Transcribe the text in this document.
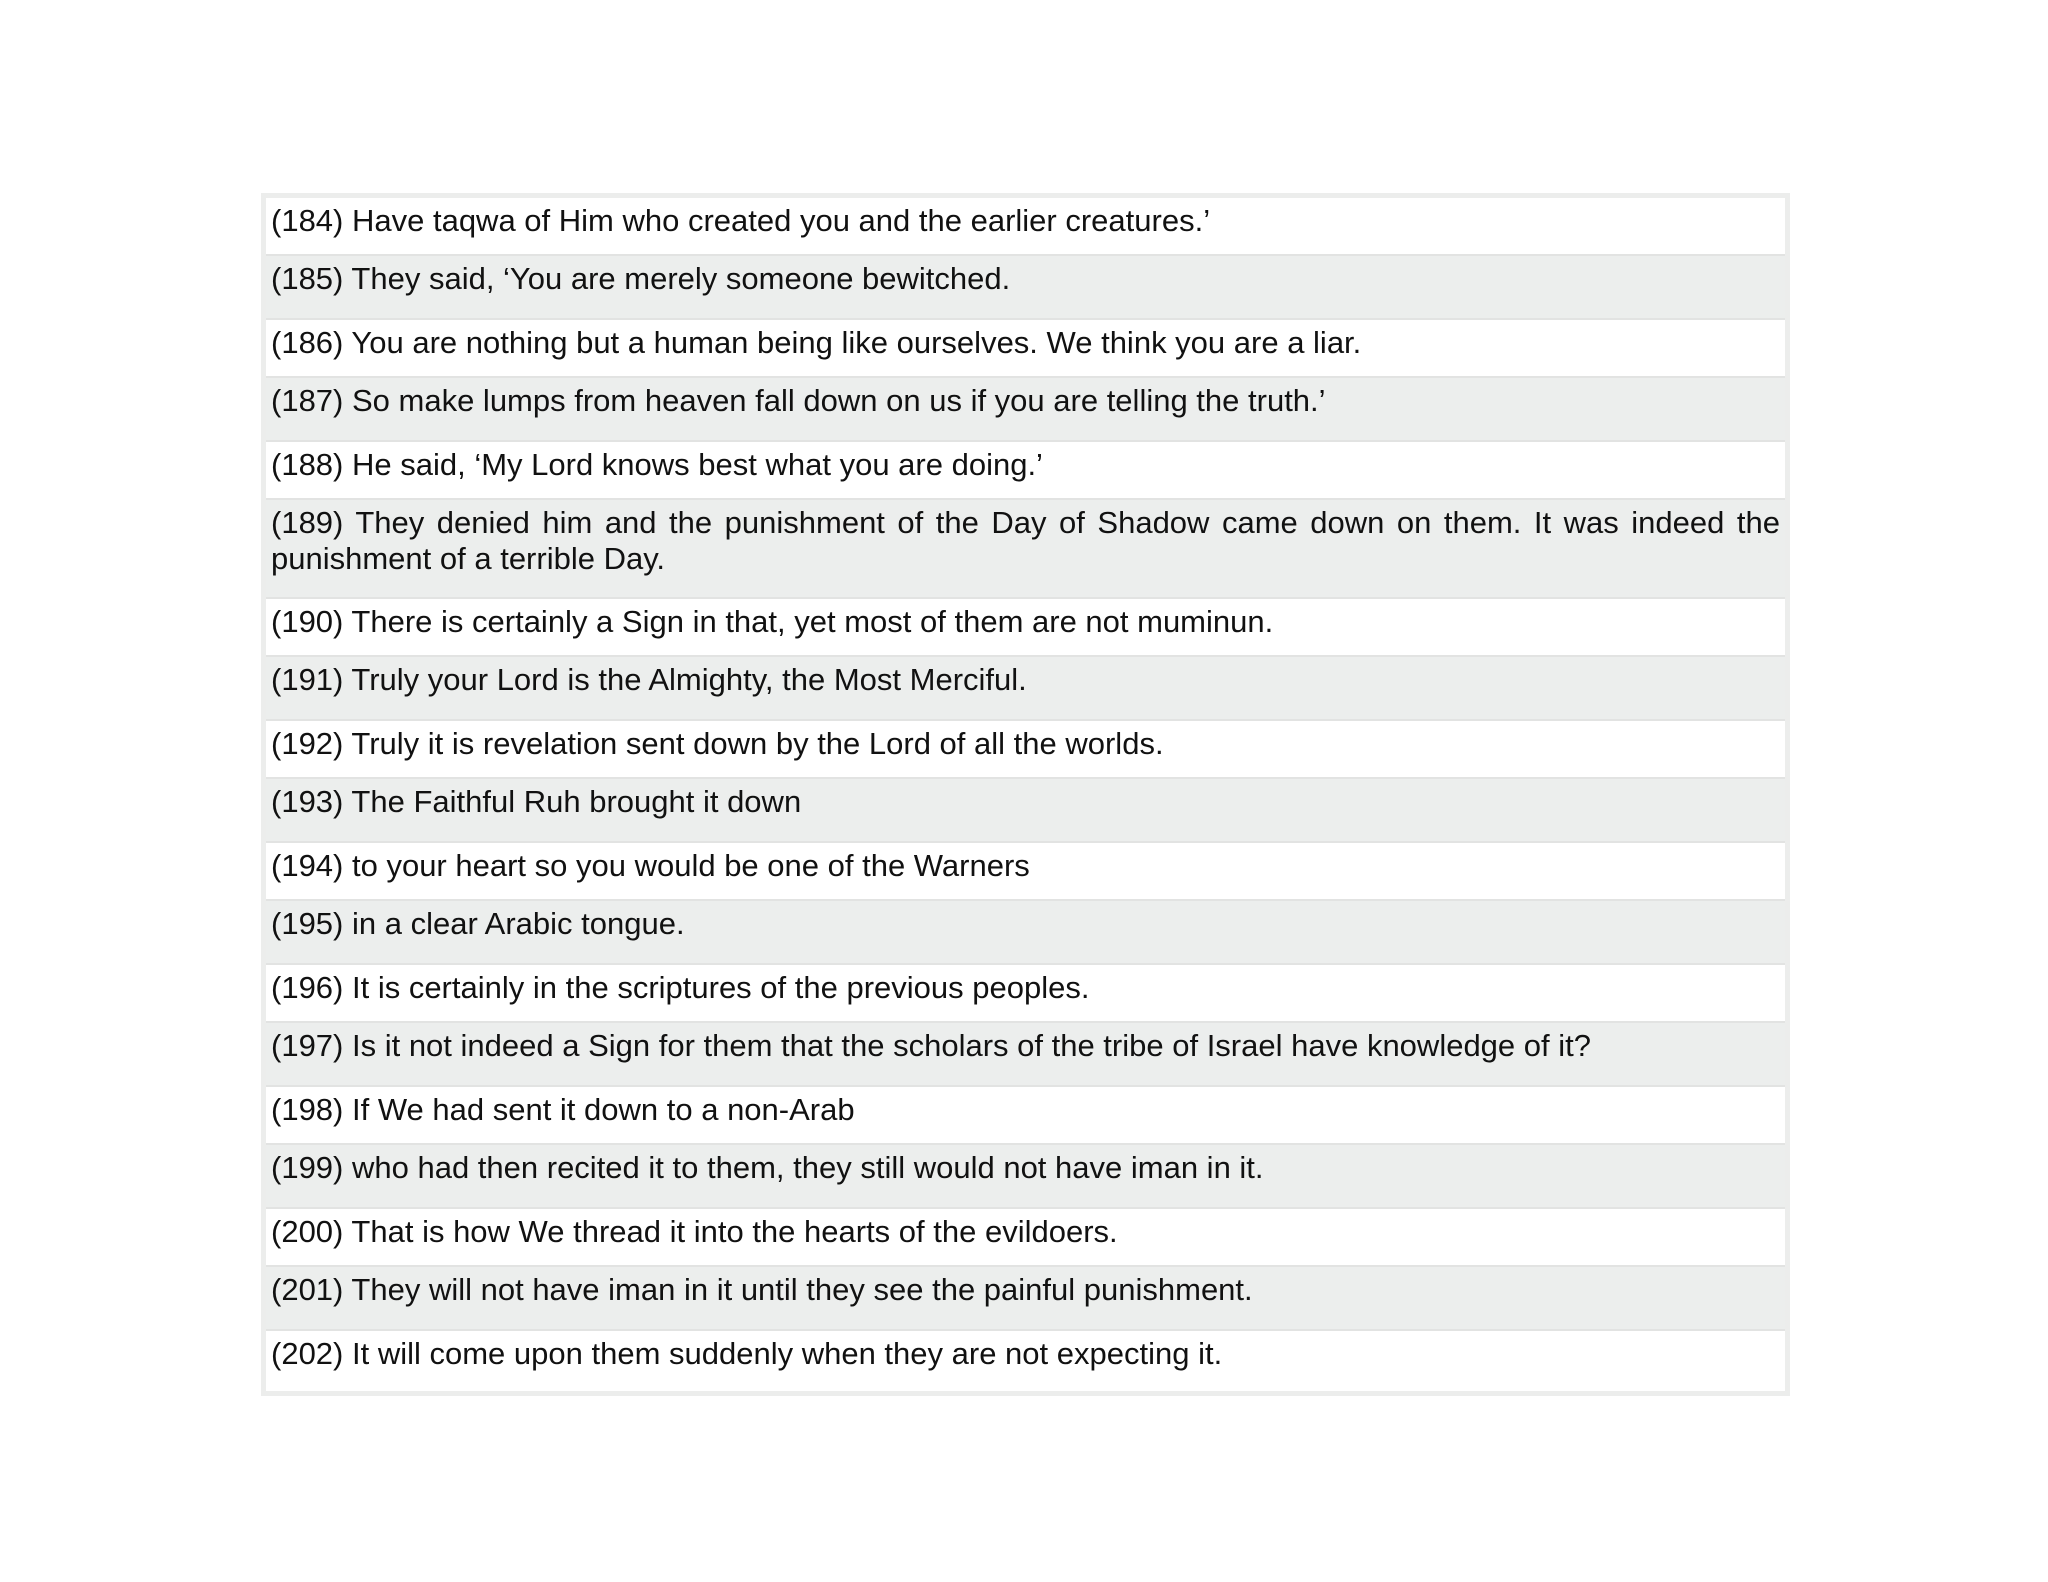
(184) Have taqwa of Him who created you and the earlier creatures.’
(185) They said, ‘You are merely someone bewitched.
(186) You are nothing but a human being like ourselves. We think you are a liar.
(187) So make lumps from heaven fall down on us if you are telling the truth.’
(188) He said, ‘My Lord knows best what you are doing.’
(189) They denied him and the punishment of the Day of Shadow came down on them. It was indeed the punishment of a terrible Day.
(190) There is certainly a Sign in that, yet most of them are not muminun.
(191) Truly your Lord is the Almighty, the Most Merciful.
(192) Truly it is revelation sent down by the Lord of all the worlds.
(193) The Faithful Ruh brought it down
(194) to your heart so you would be one of the Warners
(195) in a clear Arabic tongue.
(196) It is certainly in the scriptures of the previous peoples.
(197) Is it not indeed a Sign for them that the scholars of the tribe of Israel have knowledge of it?
(198) If We had sent it down to a non-Arab
(199) who had then recited it to them, they still would not have iman in it.
(200) That is how We thread it into the hearts of the evildoers.
(201) They will not have iman in it until they see the painful punishment.
(202) It will come upon them suddenly when they are not expecting it.
